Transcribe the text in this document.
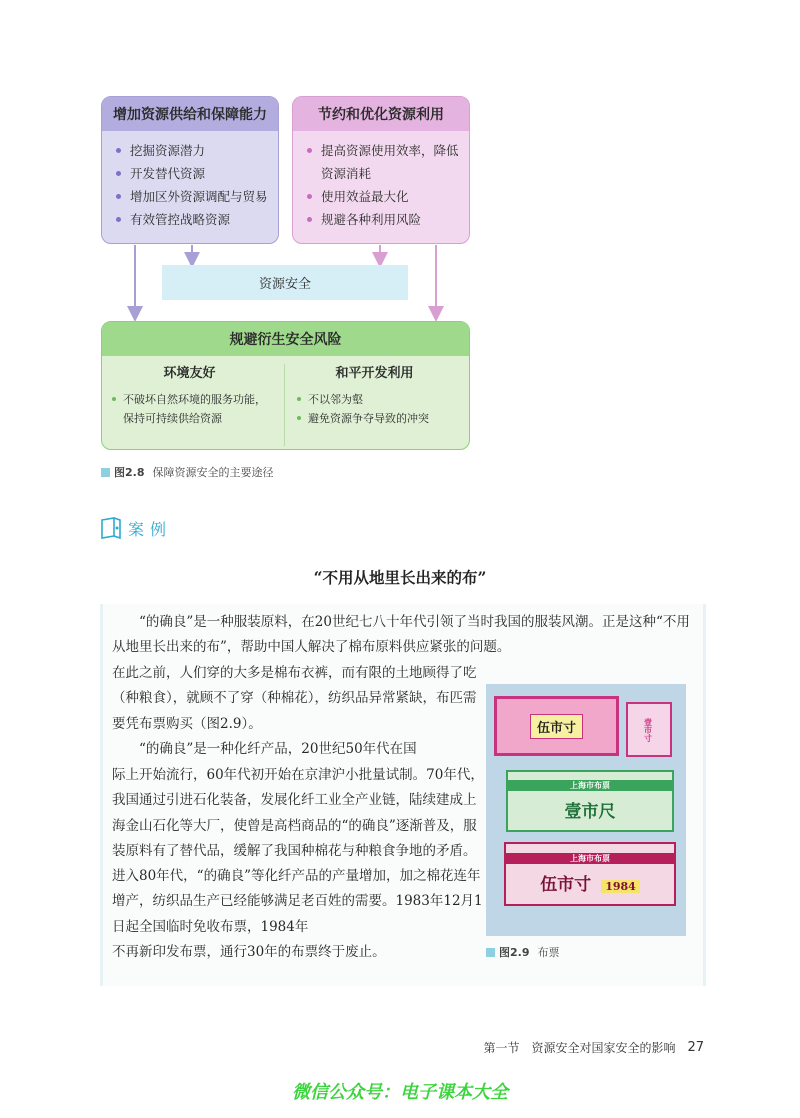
增加资源供给和保障能力
挖掘资源潜力
开发替代资源
增加区外资源调配与贸易
有效管控战略资源
节约和优化资源利用
提高资源使用效率，降低资源消耗
使用效益最大化
规避各种利用风险
资源安全
规避衍生安全风险
环境友好
不破坏自然环境的服务功能，保持可持续供给资源
和平开发利用
不以邻为壑
避免资源争夺导致的冲突
图2.8 保障资源安全的主要途径
案例
“不用从地里长出来的布”
“的确良”是一种服装原料，在20世纪七八十年代引领了当时我国的服装风潮。正是这种“不用从地里长出来的布”，帮助中国人解决了棉布原料供应紧张的问题。
在此之前，人们穿的大多是棉布衣裤，而有限的土地顾得了吃（种粮食），就顾不了穿（种棉花），纺织品异常紧缺，布匹需要凭布票购买（图2.9）。
“的确良”是一种化纤产品，20世纪50年代在国
际上开始流行，60年代初开始在京津沪小批量试制。70年代，我国通过引进石化装备，发展化纤工业全产业链，陆续建成上海金山石化等大厂，使曾是高档商品的“的确良”逐渐普及，服装原料有了替代品，缓解了我国种棉花与种粮食争地的矛盾。进入80年代，“的确良”等化纤产品的产量增加，加之棉花连年增产，纺织品生产已经能够满足老百姓的需要。1983年12月1日起全国临时免收布票，1984年
不再新印发布票，通行30年的布票终于废止。
伍市寸	壹市寸
上海市布票
壹市尺
上海市布票
伍市寸 1984
图2.9 布票
第一节　资源安全对国家安全的影响 27
微信公众号：电子课本大全
